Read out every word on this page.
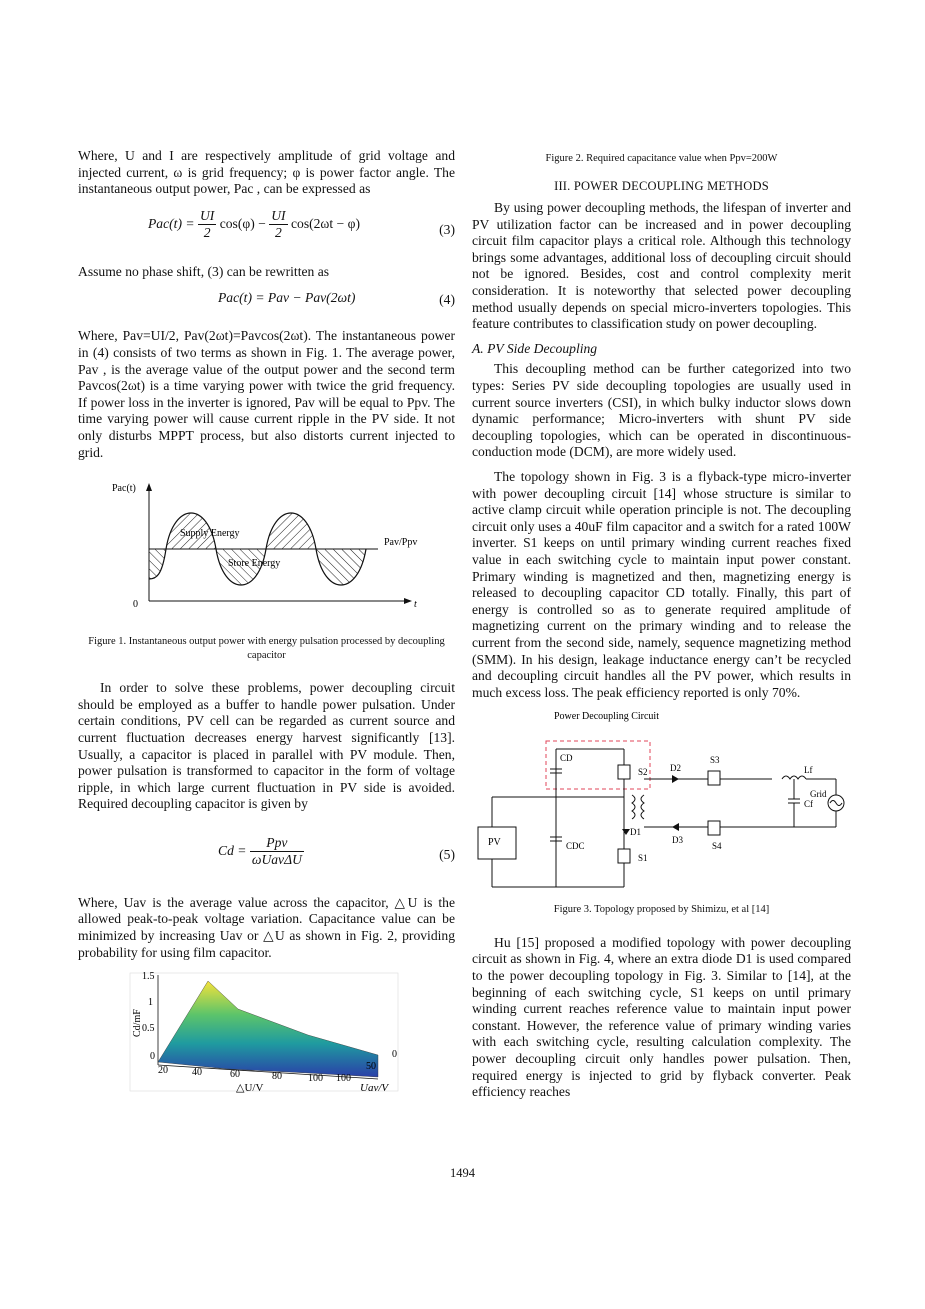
Where, U and I are respectively amplitude of grid voltage and injected current, ω is grid frequency; φ is power factor angle. The instantaneous output power, Pac , can be expressed as

$Pac(t) = \frac{UI}{2} \cos(\varphi) - \frac{UI}{2} \cos(2\omega t - \varphi)$	(3)

Assume no phase shift, (3) can be rewritten as

Pac(t) = Pav − Pav(2ωt)	(4)

Where, Pav=UI/2, Pav(2ωt)=Pavcos(2ωt). The instantaneous power in (4) consists of two terms as shown in Fig. 1. The average power, Pav , is the average value of the output power and the second term Pavcos(2ωt) is a time varying power with twice the grid frequency. If power loss in the inverter is ignored, Pav will be equal to Ppv. The time varying power will cause current ripple in the PV side. It not only disturbs MPPT process, but also distorts current injected to grid.

Pac(t)
Pav/Ppv
Supply Energy
Store Energy
0	t
Figure 1. Instantaneous output power with energy pulsation processed by decoupling capacitor

In order to solve these problems, power decoupling circuit should be employed as a buffer to handle power pulsation. Under certain conditions, PV cell can be regarded as current source and current fluctuation decreases energy harvest significantly [13]. Usually, a capacitor is placed in parallel with PV module. Then, power pulsation is transformed to capacitor in the form of voltage ripple, in which large current fluctuation in PV side is avoided. Required decoupling capacitor is given by

$Cd = \frac{\text{Ppv}}{\text{ωUavΔU}}$	(5)

Where, Uav is the average value across the capacitor, △U is the allowed peak-to-peak voltage variation. Capacitance value can be minimized by increasing Uav or △U as shown in Fig. 2, providing probability for using film capacitor.

1.5
1
0.5
0
Cd/mF
20 40	60	80	100 100
50
0
△U/V	Uav/V
Figure 2. Required capacitance value when Ppv=200W
III. POWER DECOUPLING METHODS

By using power decoupling methods, the lifespan of inverter and PV utilization factor can be increased and in power decoupling circuit film capacitor plays a critical role. Although this technology brings some advantages, additional loss of decoupling circuit should not be ignored. Besides, cost and control complexity merit consideration. It is noteworthy that selected power decoupling method usually depends on special micro-inverters topologies. This feature contributes to classification study on power decoupling.

A. PV Side Decoupling

This decoupling method can be further categorized into two types: Series PV side decoupling topologies are usually used in current source inverters (CSI), in which bulky inductor slows down dynamic performance; Micro-inverters with shunt PV side decoupling topologies, which can be operated in discontinuous-conduction mode (DCM), are more widely used.

The topology shown in Fig. 3 is a flyback-type micro-inverter with power decoupling circuit [14] whose structure is similar to active clamp circuit while operation principle is not. The decoupling circuit only uses a 40uF film capacitor and a switch for a rated 100W inverter. S1 keeps on until primary winding current reaches fixed value in each switching cycle to maintain input power constant. Primary winding is magnetized and then, magnetizing energy is released to decoupling capacitor CD totally. Finally, this part of energy is controlled so as to generate required amplitude of magnetizing current on the primary winding and to release the current from the second side, namely, sequence magnetizing method (SMM). In his design, leakage inductance energy can’t be recycled and decoupling circuit handles all the PV power, which results in much excess loss. The peak efficiency reported is only 70%.

Power Decoupling Circuit
PV
CD
CDC
S2
S1
D2
D3
D1
S3
S4
Lf
Cf
Grid
Figure 3. Topology proposed by Shimizu, et al [14]

Hu [15] proposed a modified topology with power decoupling circuit as shown in Fig. 4, where an extra diode D1 is used compared to the power decoupling topology in Fig. 3. Similar to [14], at the beginning of each switching cycle, S1 keeps on until primary winding current reaches reference value to maintain input power constant. However, the reference value of primary winding varies with each switching cycle, resulting calculation complexity. The power decoupling circuit only handles power pulsation. Then, required energy is injected to grid by flyback converter. Peak efficiency reaches

1494
